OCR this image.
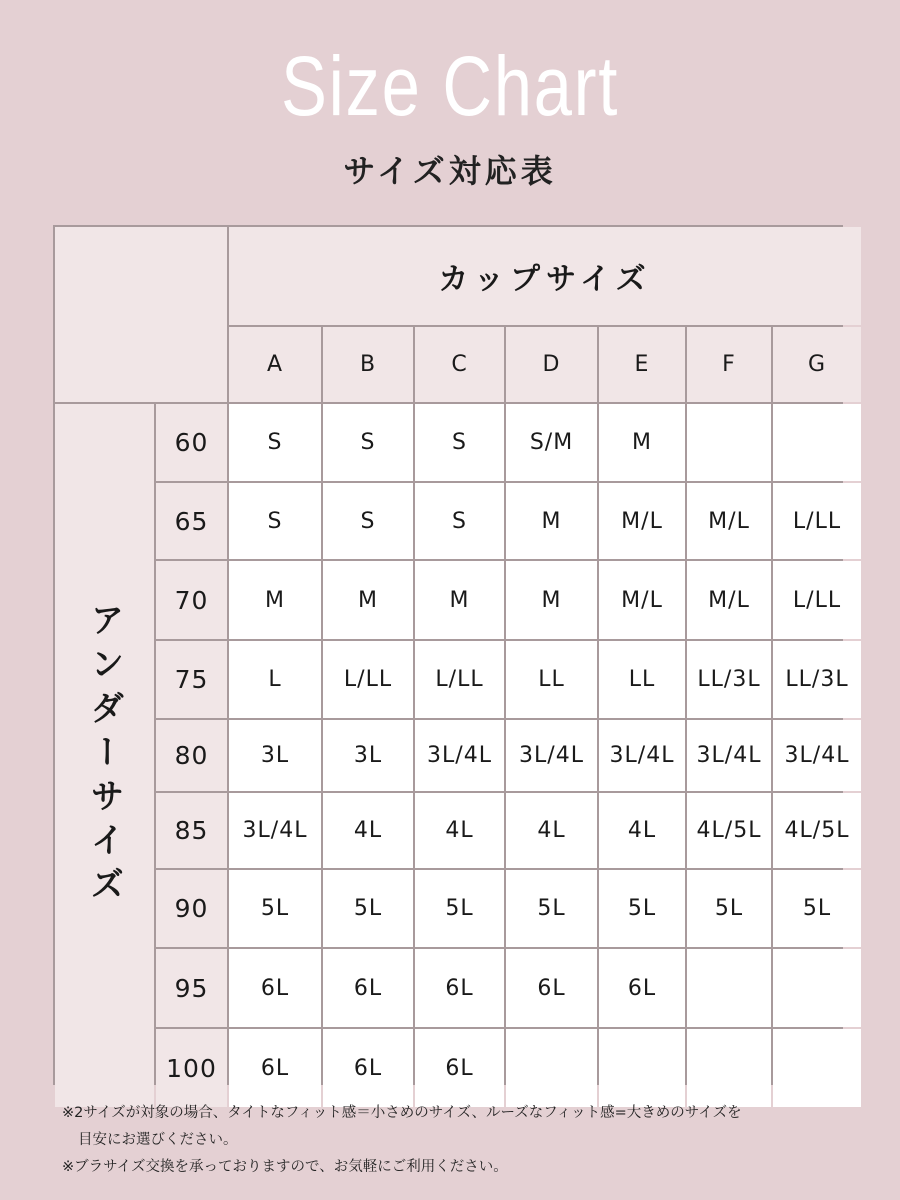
Size Chart
サイズ対応表
カップサイズ
A	B	C	D	E	F	G
アンダーサイズ
60	S	S	S	S/M	M
65	S	S	S	M	M/L	M/L	L/LL
70	M	M	M	M	M/L	M/L	L/LL
75	L	L/LL	L/LL	LL	LL	LL/3L	LL/3L
80	3L	3L	3L/4L	3L/4L	3L/4L	3L/4L	3L/4L
85	3L/4L	4L	4L	4L	4L	4L/5L	4L/5L
90	5L	5L	5L	5L	5L	5L	5L
95	6L	6L	6L	6L	6L
100	6L	6L	6L
※2サイズが対象の場合、タイトなフィット感＝小さめのサイズ、ルーズなフィット感=大きめのサイズを
目安にお選びください。
※ブラサイズ交換を承っておりますので、お気軽にご利用ください。
